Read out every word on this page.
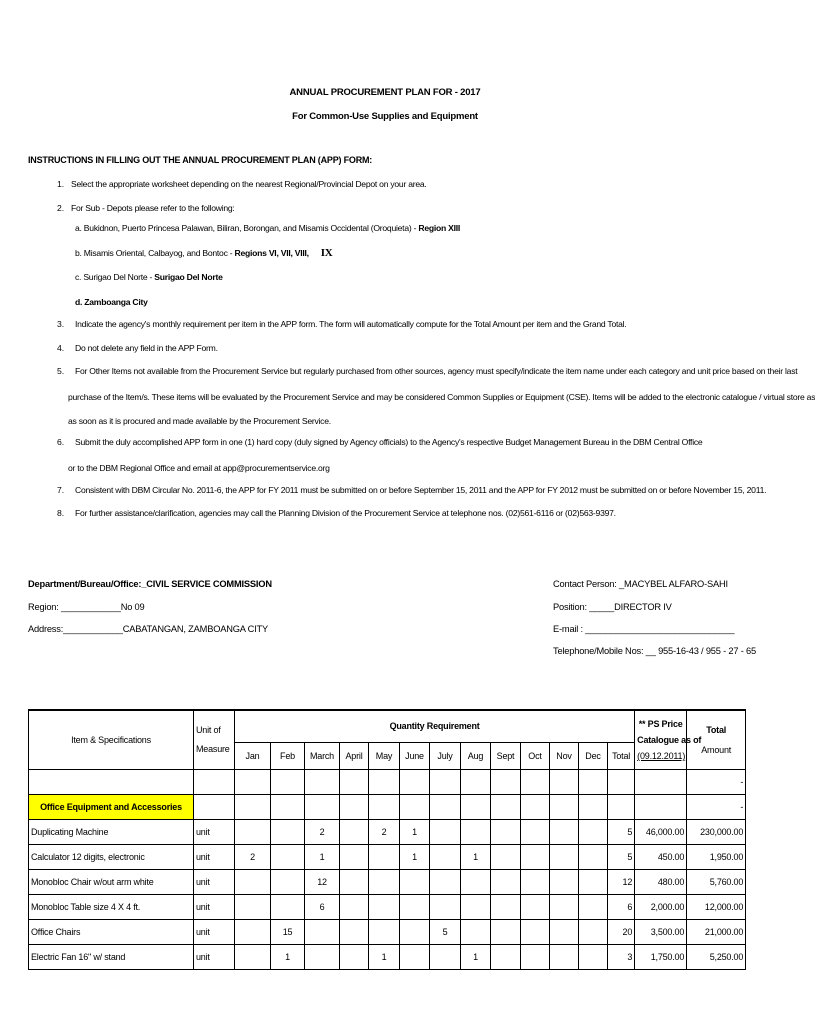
ANNUAL PROCUREMENT PLAN FOR - 2017
For Common-Use Supplies and Equipment
INSTRUCTIONS IN FILLING OUT THE ANNUAL PROCUREMENT PLAN (APP) FORM:
1. Select the appropriate worksheet depending on the nearest Regional/Provincial Depot on your area.
2. For Sub - Depots please refer to the following:
a. Bukidnon, Puerto Princesa Palawan, Biliran, Borongan, and Misamis Occidental (Oroquieta) - Region XIII
b. Misamis Oriental, Calbayog, and Bontoc - Regions VI, VII, VIII, IX
c. Surigao Del Norte - Surigao Del Norte
d. Zamboanga City
3. Indicate the agency's monthly requirement per item in the APP form. The form will automatically compute for the Total Amount per item and the Grand Total.
4. Do not delete any field in the APP Form.
5. For Other Items not available from the Procurement Service but regularly purchased from other sources, agency must specify/indicate the item name under each category and unit price based on their last
purchase of the Item/s. These items will be evaluated by the Procurement Service and may be considered Common Supplies or Equipment (CSE). Items will be added to the electronic catalogue / virtual store as
as soon as it is procured and made available by the Procurement Service.
6. Submit the duly accomplished APP form in one (1) hard copy (duly signed by Agency officials) to the Agency's respective Budget Management Bureau in the DBM Central Office
or to the DBM Regional Office and email at app@procurementservice.org
7. Consistent with DBM Circular No. 2011-6, the APP for FY 2011 must be submitted on or before September 15, 2011 and the APP for FY 2012 must be submitted on or before November 15, 2011.
8. For further assistance/clarification, agencies may call the Planning Division of the Procurement Service at telephone nos. (02)561-6116 or (02)563-9397.
Department/Bureau/Office:_CIVIL SERVICE COMMISSION
Region: ____________No 09
Address:____________CABATANGAN, ZAMBOANGA CITY
Contact Person: _MACYBEL ALFARO-SAHI
Position: _____DIRECTOR IV
E-mail : ______________________________
Telephone/Mobile Nos: __ 955-16-43 / 955 - 27 - 65
Item & Specifications	Unit of
Measure	Quantity Requirement													** PS Price
Catalogue as of
(09.12.2011)	Total
Amount
		Jan	Feb	March	April	May	June	July	Aug	Sept	Oct	Nov	Dec	Total		
																-
Office Equipment and Accessories																-
Duplicating Machine	unit			2		2	1							5	46,000.00	230,000.00
Calculator 12 digits, electronic	unit	2		1			1		1					5	450.00	1,950.00
Monobloc Chair w/out arm white	unit			12										12	480.00	5,760.00
Monobloc Table size 4 X 4 ft.	unit			6										6	2,000.00	12,000.00
Office Chairs	unit		15					5						20	3,500.00	21,000.00
Electric Fan 16" w/ stand	unit		1			1			1					3	1,750.00	5,250.00
